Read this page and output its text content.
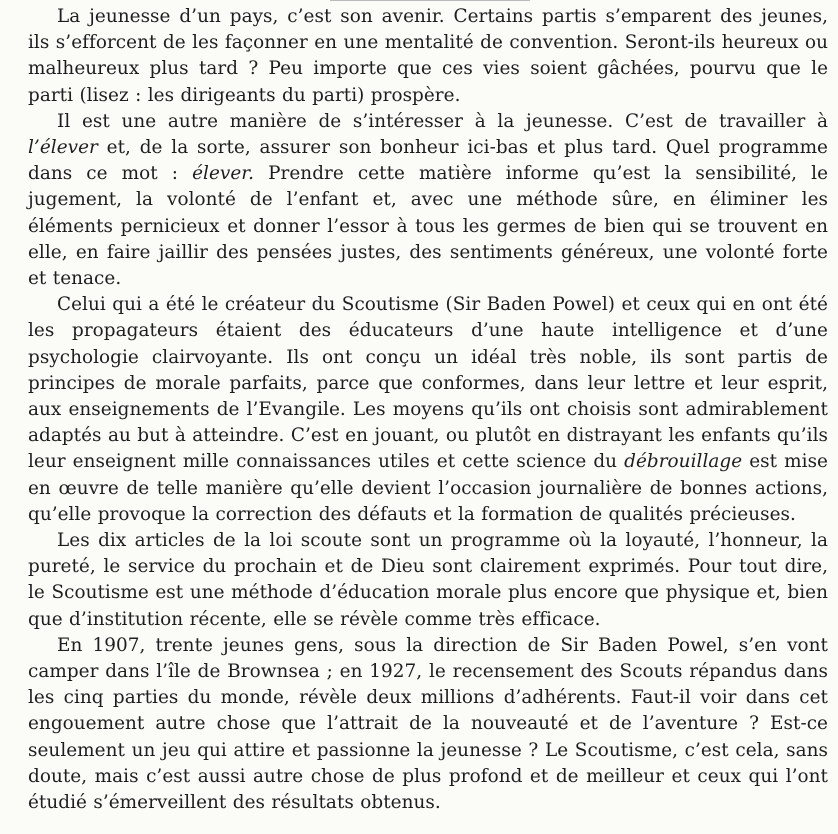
La jeunesse d’un pays, c’est son avenir. Certains partis s’emparent des jeunes, ils s’efforcent de les façonner en une mentalité de convention. Seront-ils heureux ou malheureux plus tard ? Peu importe que ces vies soient gâchées, pourvu que le parti (lisez : les dirigeants du parti) prospère.

Il est une autre manière de s’intéresser à la jeunesse. C’est de travailler à l’élever et, de la sorte, assurer son bonheur ici-bas et plus tard. Quel programme dans ce mot : élever. Prendre cette matière informe qu’est la sensibilité, le jugement, la volonté de l’enfant et, avec une méthode sûre, en éliminer les éléments pernicieux et donner l’essor à tous les germes de bien qui se trouvent en elle, en faire jaillir des pensées justes, des sentiments généreux, une volonté forte et tenace.

Celui qui a été le créateur du Scoutisme (Sir Baden Powel) et ceux qui en ont été les propagateurs étaient des éducateurs d’une haute intelligence et d’une psychologie clairvoyante. Ils ont conçu un idéal très noble, ils sont partis de principes de morale parfaits, parce que conformes, dans leur lettre et leur esprit, aux enseignements de l’Evangile. Les moyens qu’ils ont choisis sont admirablement adaptés au but à atteindre. C’est en jouant, ou plutôt en distrayant les enfants qu’ils leur enseignent mille connaissances utiles et cette science du débrouillage est mise en œuvre de telle manière qu’elle devient l’occasion journalière de bonnes actions, qu’elle provoque la correction des défauts et la formation de qualités précieuses.

Les dix articles de la loi scoute sont un programme où la loyauté, l’honneur, la pureté, le service du prochain et de Dieu sont clairement exprimés. Pour tout dire, le Scoutisme est une méthode d’éducation morale plus encore que physique et, bien que d’institution récente, elle se révèle comme très efficace.

En 1907, trente jeunes gens, sous la direction de Sir Baden Powel, s’en vont camper dans l’île de Brownsea ; en 1927, le recensement des Scouts répandus dans les cinq parties du monde, révèle deux millions d’adhérents. Faut-il voir dans cet engouement autre chose que l’attrait de la nouveauté et de l’aventure ? Est-ce seulement un jeu qui attire et passionne la jeunesse ? Le Scoutisme, c’est cela, sans doute, mais c’est aussi autre chose de plus profond et de meilleur et ceux qui l’ont étudié s’émerveillent des résultats obtenus.
